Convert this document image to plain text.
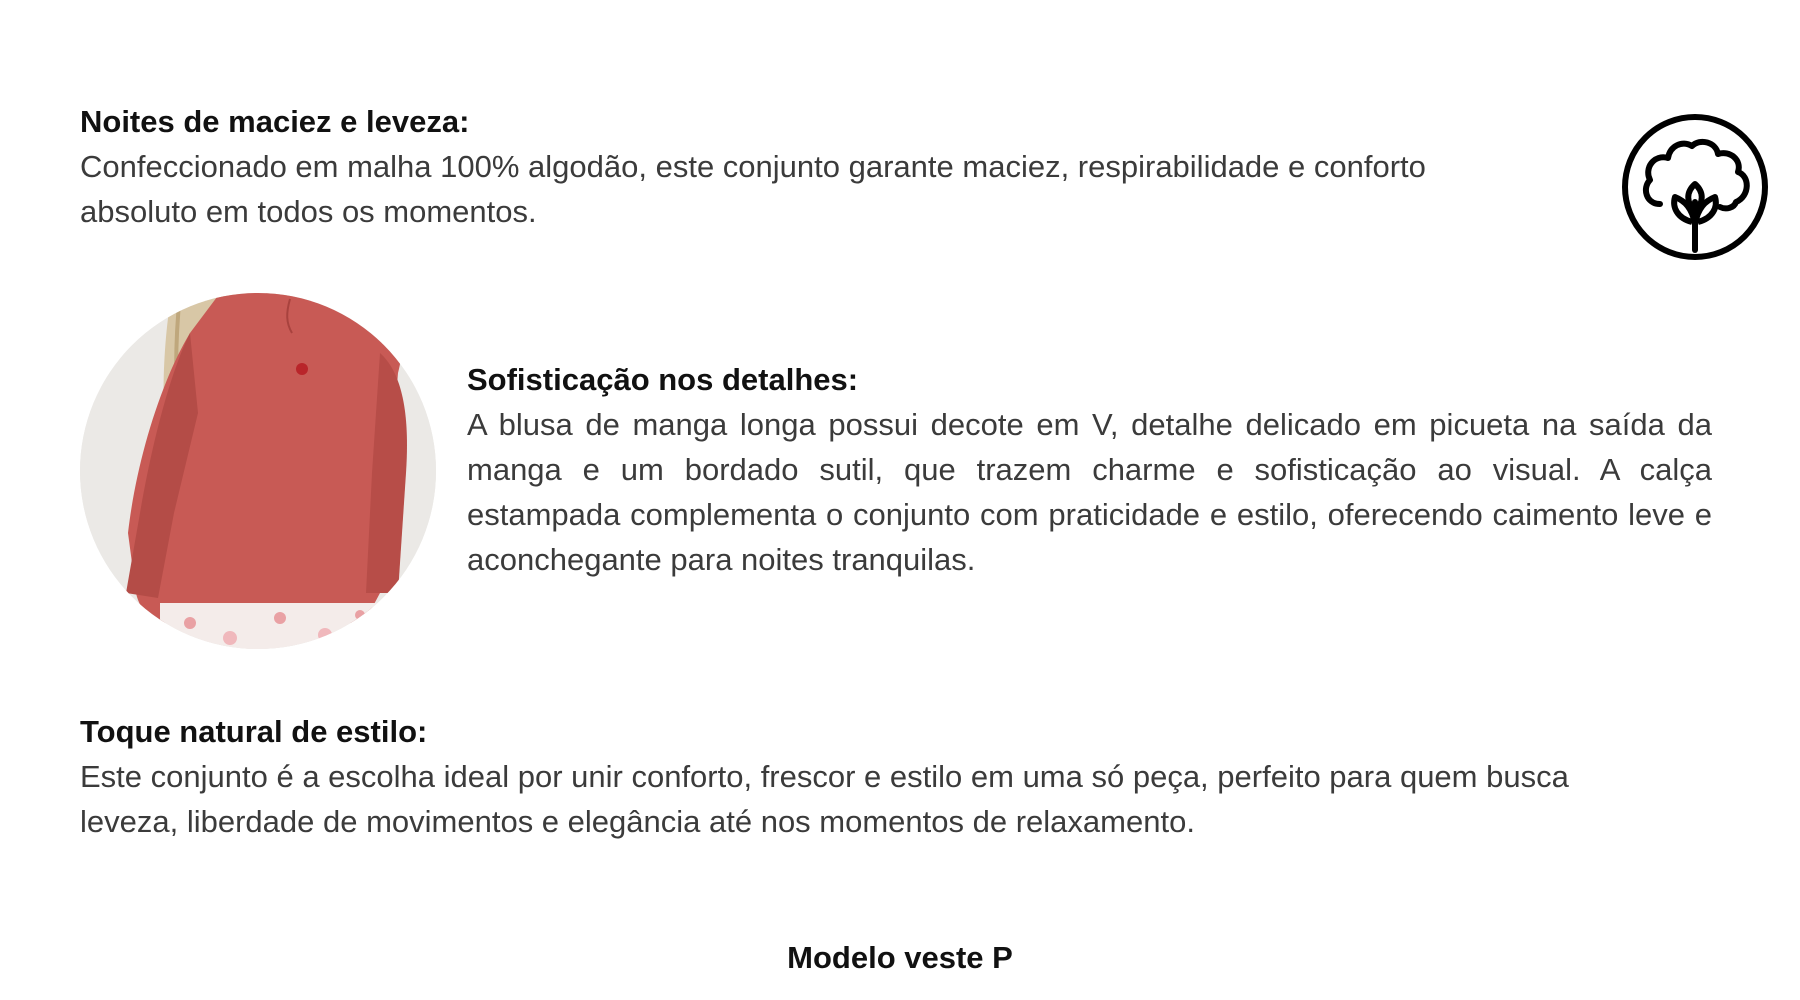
Noites de maciez e leveza:

Confeccionado em malha 100% algodão, este conjunto garante maciez, respirabilidade e conforto absoluto em todos os momentos.

Sofisticação nos detalhes:

A blusa de manga longa possui decote em V, detalhe delicado em picueta na saída da manga e um bordado sutil, que trazem charme e sofisticação ao visual. A calça estampada complementa o conjunto com praticidade e estilo, oferecendo caimento leve e aconchegante para noites tranquilas.

Toque natural de estilo:

Este conjunto é a escolha ideal por unir conforto, frescor e estilo em uma só peça, perfeito para quem busca leveza, liberdade de movimentos e elegância até nos momentos de relaxamento.

Modelo veste P
